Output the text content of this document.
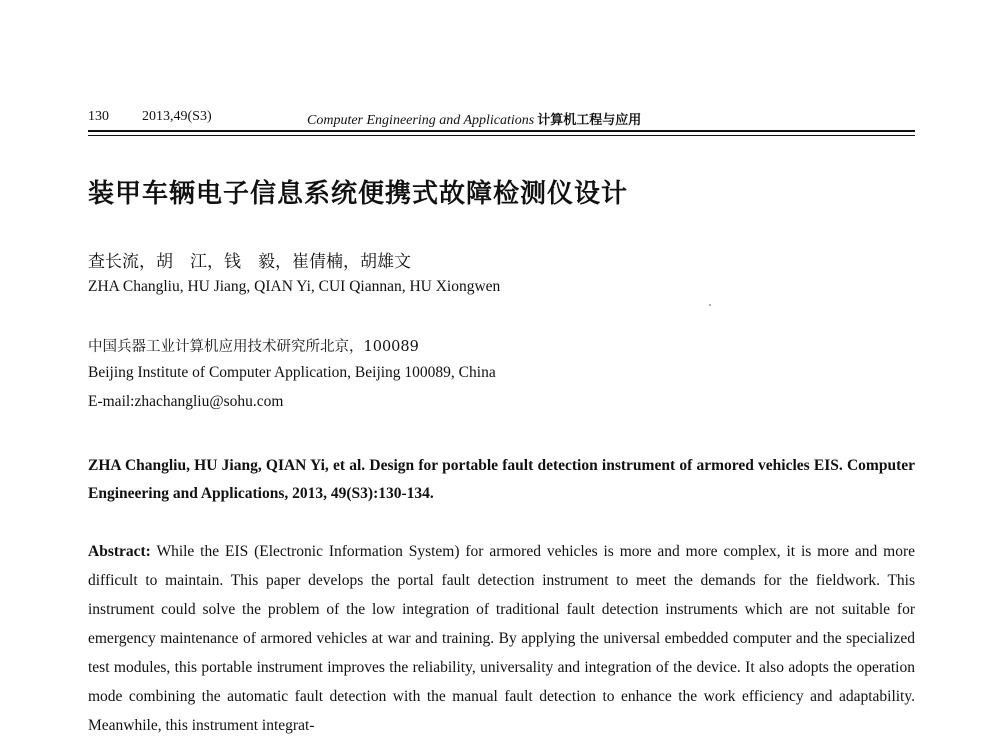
130 2013,49(S3)	Computer Engineering and Applications 计算机工程与应用
装甲车辆电子信息系统便携式故障检测仪设计
查长流，胡　江，钱　毅，崔倩楠，胡雄文
ZHA Changliu, HU Jiang, QIAN Yi, CUI Qiannan, HU Xiongwen
中国兵器工业计算机应用技术研究所北京，100089
Beijing Institute of Computer Application, Beijing 100089, China
E-mail:zhachangliu@sohu.com
ZHA Changliu, HU Jiang, QIAN Yi, et al. Design for portable fault detection instrument of armored vehicles EIS. Computer Engineering and Applications, 2013, 49(S3):130-134.
Abstract: While the EIS (Electronic Information System) for armored vehicles is more and more complex, it is more and more difficult to maintain. This paper develops the portal fault detection instrument to meet the demands for the fieldwork. This instrument could solve the problem of the low integration of traditional fault detection instruments which are not suitable for emergency maintenance of armored vehicles at war and training. By applying the universal embedded computer and the specialized test modules, this portable instrument improves the reliability, universality and integration of the device. It also adopts the operation mode combining the automatic fault detection with the manual fault detection to enhance the work efficiency and adaptability. Meanwhile, this instrument integrat-
